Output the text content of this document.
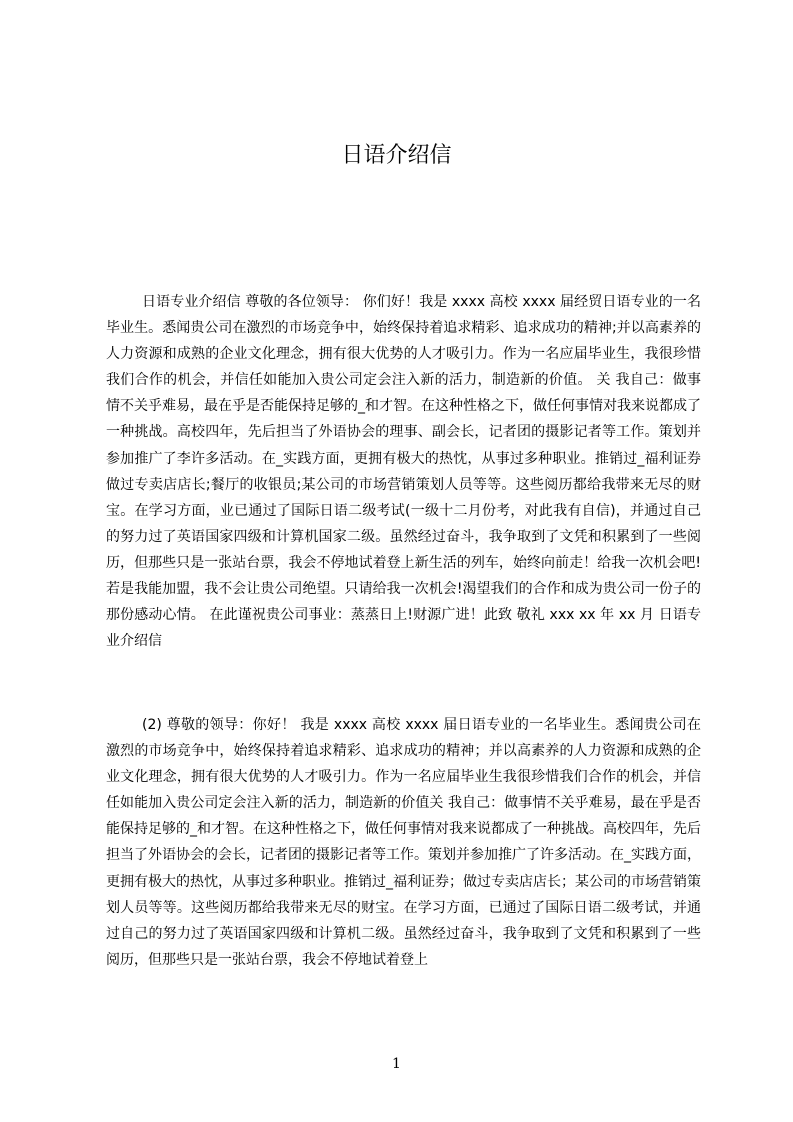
日语介绍信

日语专业介绍信 尊敬的各位领导： 你们好！我是 xxxx 高校 xxxx 届经贸日语专业的一名毕业生。悉闻贵公司在激烈的市场竞争中，始终保持着追求精彩、追求成功的精神;并以高素养的人力资源和成熟的企业文化理念，拥有很大优势的人才吸引力。作为一名应届毕业生，我很珍惜我们合作的机会，并信任如能加入贵公司定会注入新的活力，制造新的价值。 关 我自己：做事情不关乎难易，最在乎是否能保持足够的_和才智。在这种性格之下，做任何事情对我来说都成了一种挑战。高校四年，先后担当了外语协会的理事、副会长，记者团的摄影记者等工作。策划并参加推广了李许多活动。在_实践方面，更拥有极大的热忱，从事过多种职业。推销过_福利证券做过专卖店店长;餐厅的收银员;某公司的市场营销策划人员等等。这些阅历都给我带来无尽的财宝。在学习方面，业已通过了国际日语二级考试(一级十二月份考，对此我有自信)，并通过自己的努力过了英语国家四级和计算机国家二级。虽然经过奋斗，我争取到了文凭和积累到了一些阅历，但那些只是一张站台票，我会不停地试着登上新生活的列车，始终向前走！给我一次机会吧!若是我能加盟，我不会让贵公司绝望。只请给我一次机会!渴望我们的合作和成为贵公司一份子的那份感动心情。 在此谨祝贵公司事业：蒸蒸日上!财源广进！此致 敬礼 xxx xx 年 xx 月 日语专业介绍信

(2) 尊敬的领导：你好！ 我是 xxxx 高校 xxxx 届日语专业的一名毕业生。悉闻贵公司在激烈的市场竞争中，始终保持着追求精彩、追求成功的精神；并以高素养的人力资源和成熟的企业文化理念，拥有很大优势的人才吸引力。作为一名应届毕业生我很珍惜我们合作的机会，并信任如能加入贵公司定会注入新的活力，制造新的价值关 我自己：做事情不关乎难易，最在乎是否能保持足够的_和才智。在这种性格之下，做任何事情对我来说都成了一种挑战。高校四年，先后担当了外语协会的会长，记者团的摄影记者等工作。策划并参加推广了许多活动。在_实践方面，更拥有极大的热忱，从事过多种职业。推销过_福利证券；做过专卖店店长；某公司的市场营销策划人员等等。这些阅历都给我带来无尽的财宝。在学习方面，已通过了国际日语二级考试，并通过自己的努力过了英语国家四级和计算机二级。虽然经过奋斗，我争取到了文凭和积累到了一些阅历，但那些只是一张站台票，我会不停地试着登上

1
